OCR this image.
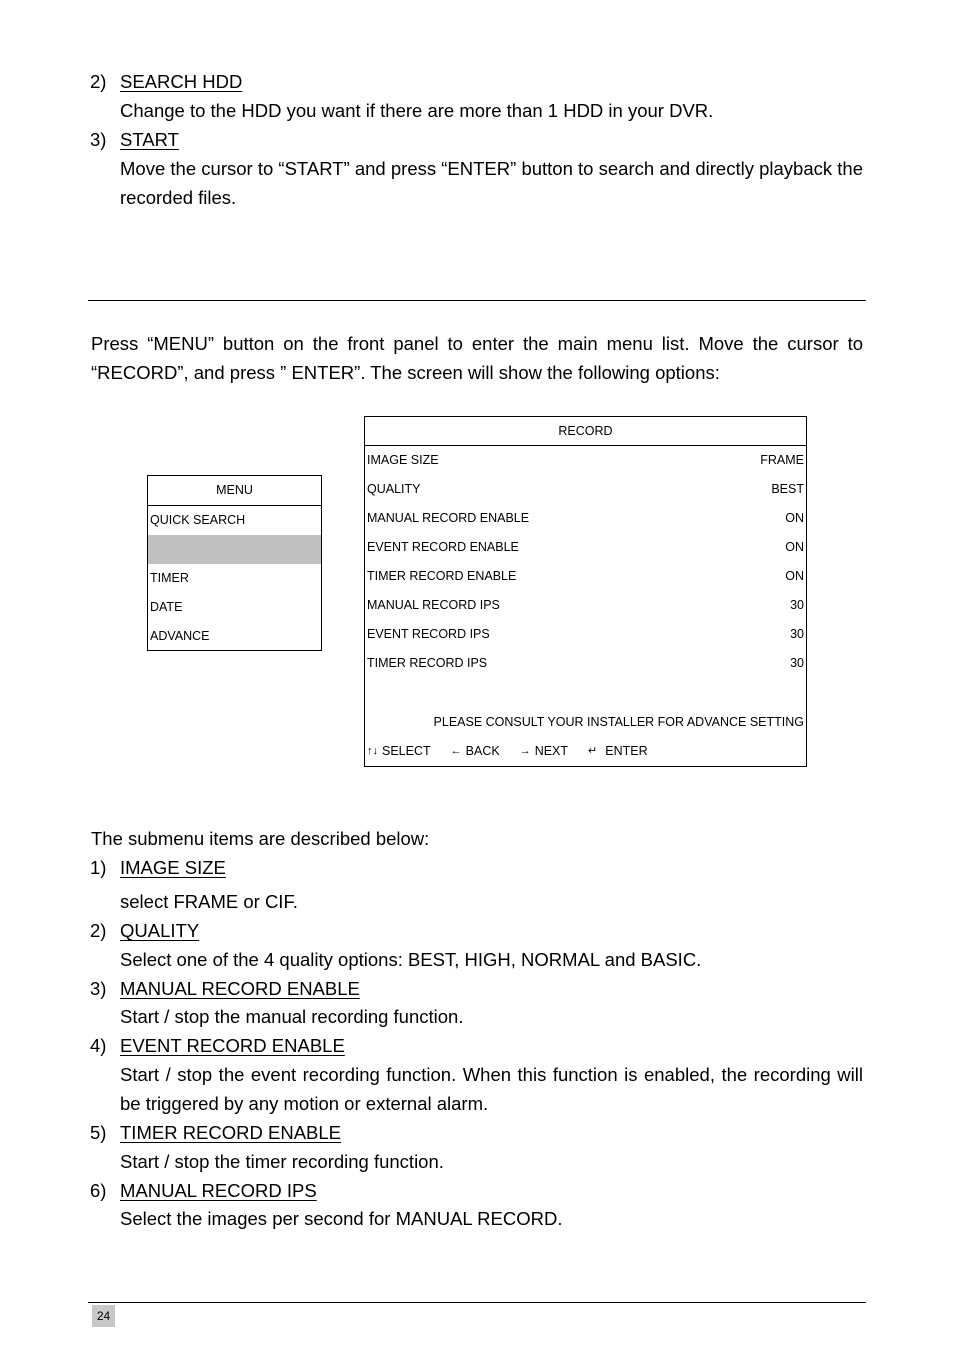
2) SEARCH HDD
Change to the HDD you want if there are more than 1 HDD in your DVR.
3) START
Move the cursor to “START” and press “ENTER” button to search and directly playback the recorded files.
Press “MENU” button on the front panel to enter the main menu list. Move the cursor to “RECORD”, and press ” ENTER”. The screen will show the following options:
MENU
QUICK SEARCH
TIMER
DATE
ADVANCE
RECORD
IMAGE SIZE	FRAME
QUALITY	BEST
MANUAL RECORD ENABLE	ON
EVENT RECORD ENABLE	ON
TIMER RECORD ENABLE	ON
MANUAL RECORD IPS	30
EVENT RECORD IPS	30
TIMER RECORD IPS	30
PLEASE CONSULT YOUR INSTALLER FOR ADVANCE SETTING
↑↓ SELECT ← BACK → NEXT ↵ ENTER
The submenu items are described below:
1) IMAGE SIZE
select FRAME or CIF.
2) QUALITY
Select one of the 4 quality options: BEST, HIGH, NORMAL and BASIC.
3) MANUAL RECORD ENABLE
Start / stop the manual recording function.
4) EVENT RECORD ENABLE
Start / stop the event recording function. When this function is enabled, the recording will be triggered by any motion or external alarm.
5) TIMER RECORD ENABLE
Start / stop the timer recording function.
6) MANUAL RECORD IPS
Select the images per second for MANUAL RECORD.
24
